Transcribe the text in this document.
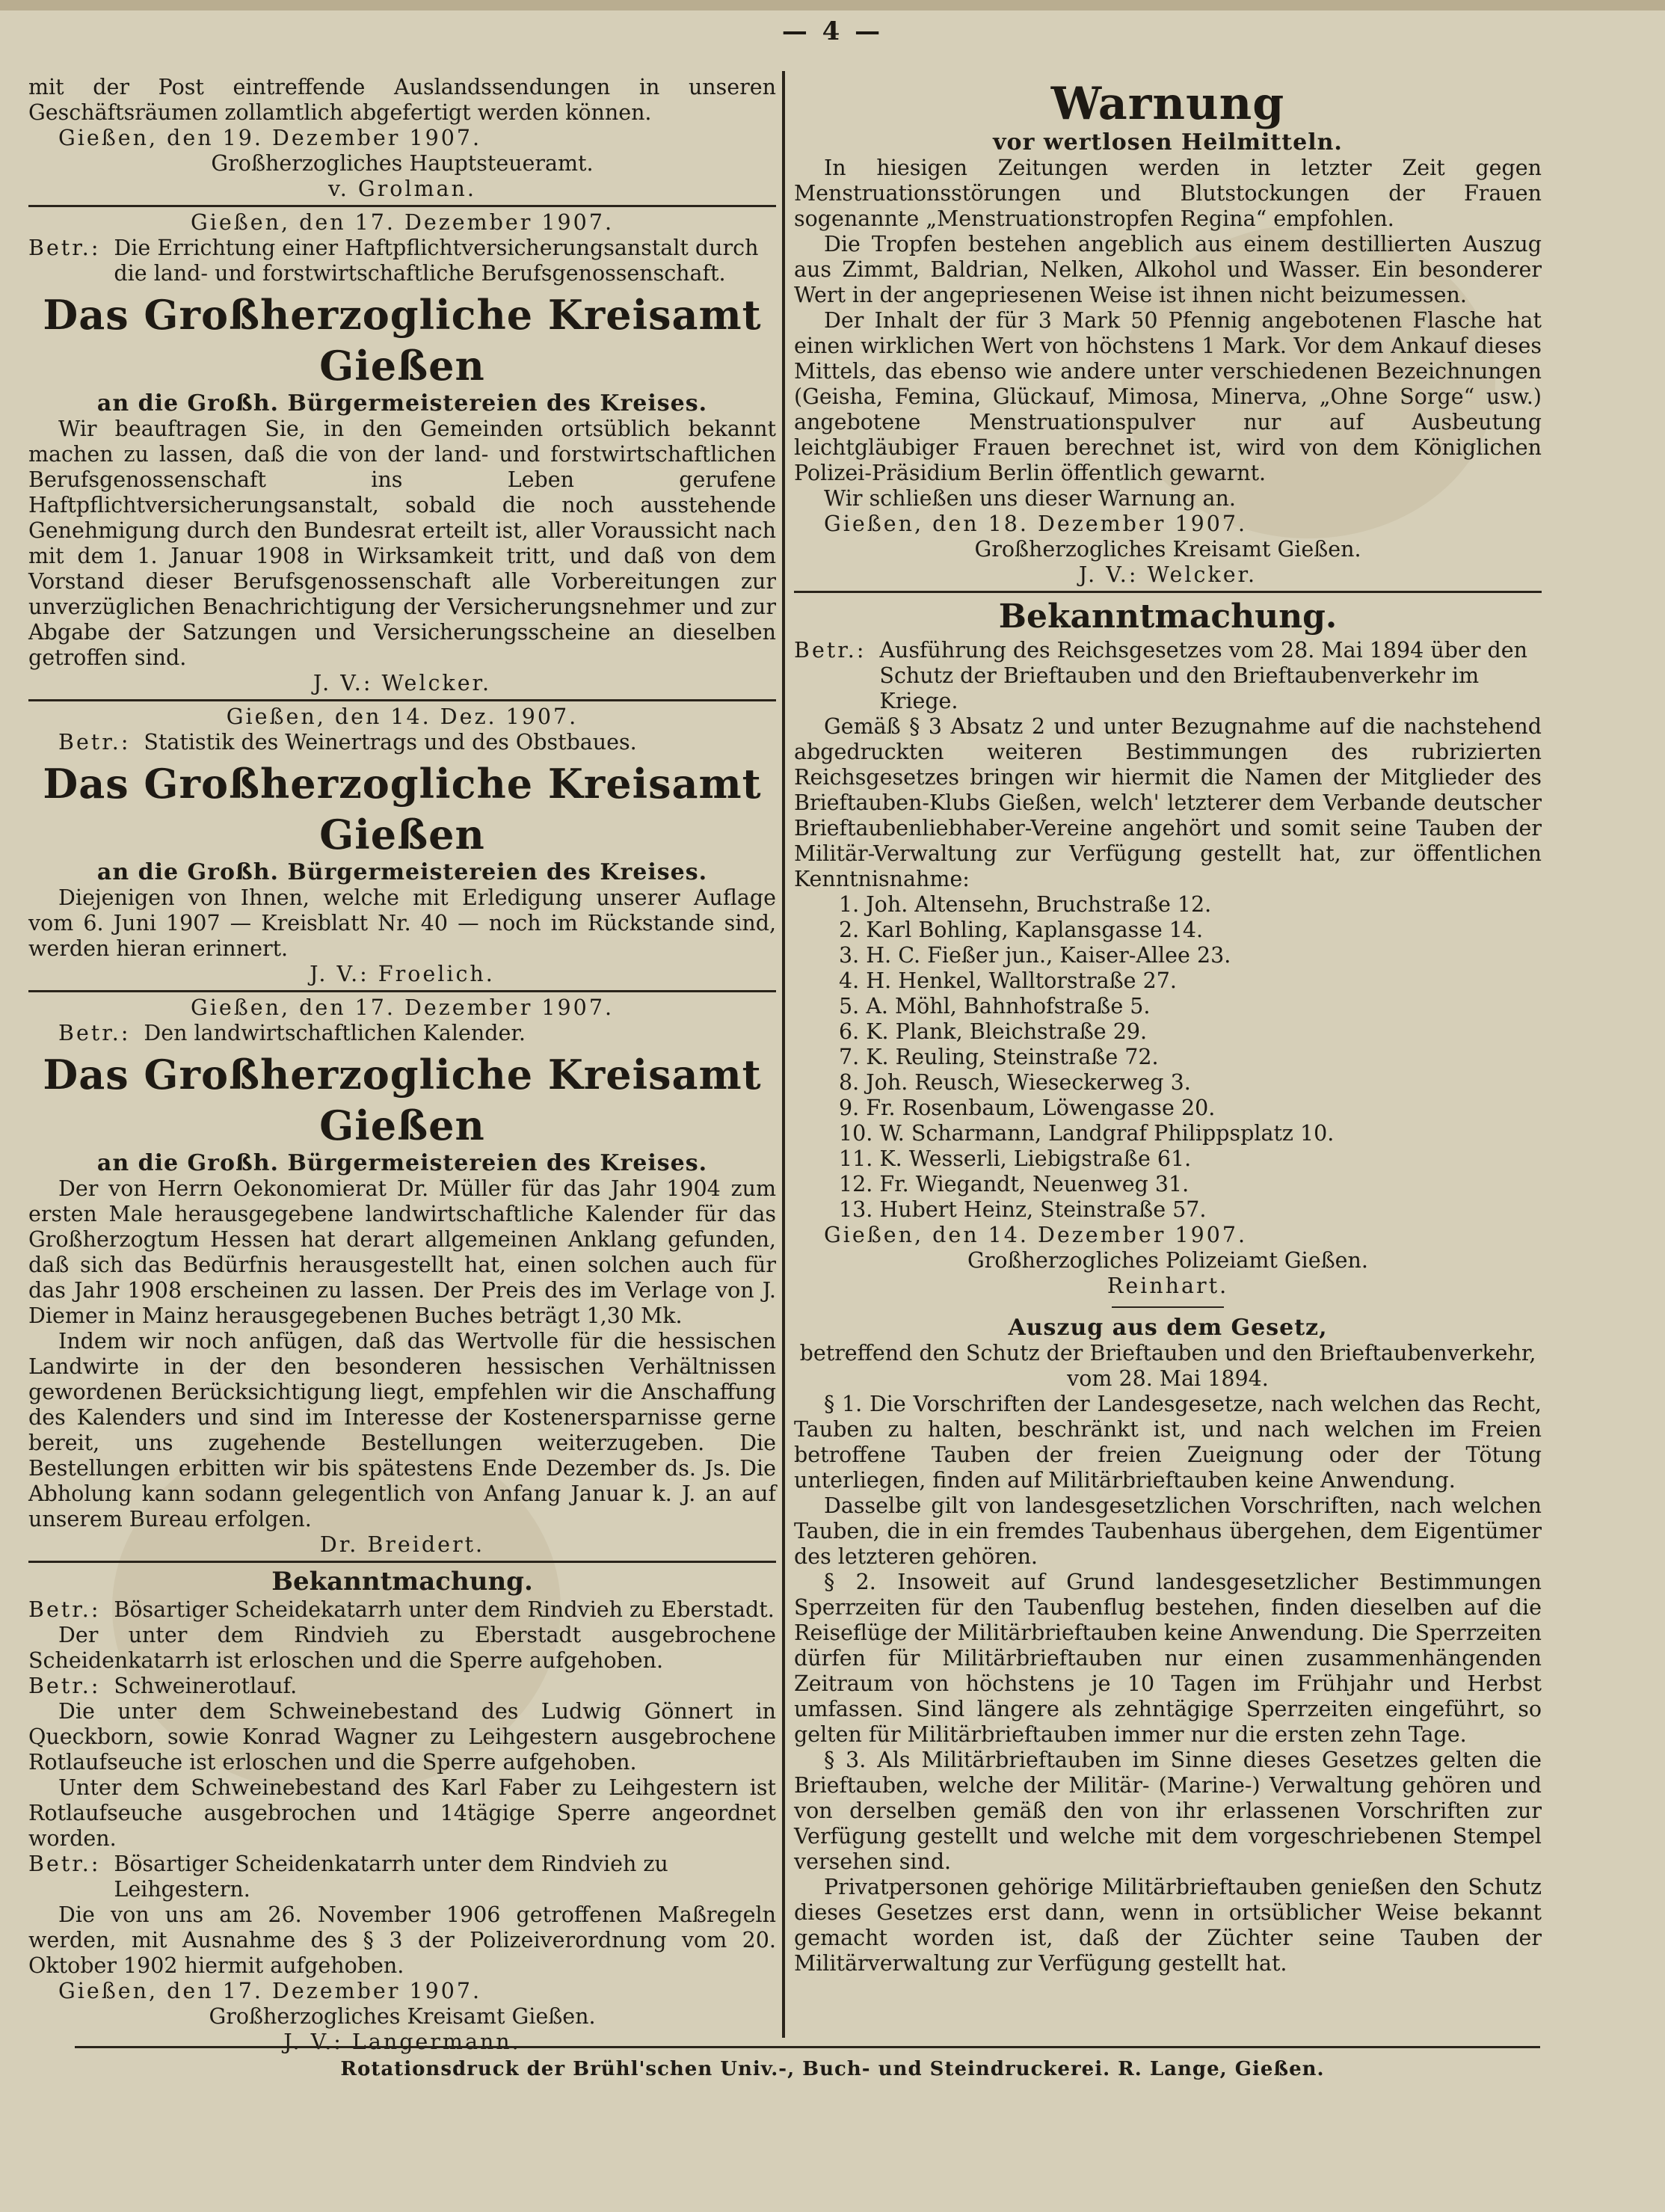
— 4 —

mit der Post eintreffende Auslandssendungen in unseren Geschäftsräumen zollamtlich abgefertigt werden können.

Gießen, den 19. Dezember 1907.

Großherzogliches Hauptsteueramt.

v. Grolman.

Gießen, den 17. Dezember 1907.

Betr.: Die Errichtung einer Haftpflichtversicherungsanstalt durch die land- und forstwirtschaftliche Berufsgenossenschaft.
Das Großherzogliche Kreisamt Gießen
an die Großh. Bürgermeistereien des Kreises.

Wir beauftragen Sie, in den Gemeinden ortsüblich bekannt machen zu lassen, daß die von der land- und forstwirtschaftlichen Berufsgenossenschaft ins Leben gerufene Haftpflichtversicherungsanstalt, sobald die noch ausstehende Genehmigung durch den Bundesrat erteilt ist, aller Voraussicht nach mit dem 1. Januar 1908 in Wirksamkeit tritt, und daß von dem Vorstand dieser Berufsgenossenschaft alle Vorbereitungen zur unverzüglichen Benachrichtigung der Versicherungsnehmer und zur Abgabe der Satzungen und Versicherungsscheine an dieselben getroffen sind.

J. V.: Welcker.

Gießen, den 14. Dez. 1907.

Betr.: Statistik des Weinertrags und des Obstbaues.
Das Großherzogliche Kreisamt Gießen
an die Großh. Bürgermeistereien des Kreises.

Diejenigen von Ihnen, welche mit Erledigung unserer Auflage vom 6. Juni 1907 — Kreisblatt Nr. 40 — noch im Rückstande sind, werden hieran erinnert.

J. V.: Froelich.

Gießen, den 17. Dezember 1907.

Betr.: Den landwirtschaftlichen Kalender.
Das Großherzogliche Kreisamt Gießen
an die Großh. Bürgermeistereien des Kreises.

Der von Herrn Oekonomierat Dr. Müller für das Jahr 1904 zum ersten Male herausgegebene landwirtschaftliche Kalender für das Großherzogtum Hessen hat derart allgemeinen Anklang gefunden, daß sich das Bedürfnis herausgestellt hat, einen solchen auch für das Jahr 1908 erscheinen zu lassen. Der Preis des im Verlage von J. Diemer in Mainz herausgegebenen Buches beträgt 1,30 Mk.

Indem wir noch anfügen, daß das Wertvolle für die hessischen Landwirte in der den besonderen hessischen Verhältnissen gewordenen Berücksichtigung liegt, empfehlen wir die Anschaffung des Kalenders und sind im Interesse der Kostenersparnisse gerne bereit, uns zugehende Bestellungen weiterzugeben. Die Bestellungen erbitten wir bis spätestens Ende Dezember ds. Js. Die Abholung kann sodann gelegentlich von Anfang Januar k. J. an auf unserem Bureau erfolgen.

Dr. Breidert.

Bekanntmachung.
Betr.: Bösartiger Scheidekatarrh unter dem Rindvieh zu Eberstadt.

Der unter dem Rindvieh zu Eberstadt ausgebrochene Scheidenkatarrh ist erloschen und die Sperre aufgehoben.

Betr.: Schweinerotlauf.

Die unter dem Schweinebestand des Ludwig Gönnert in Queckborn, sowie Konrad Wagner zu Leihgestern ausgebrochene Rotlaufseuche ist erloschen und die Sperre aufgehoben.

Unter dem Schweinebestand des Karl Faber zu Leihgestern ist Rotlaufseuche ausgebrochen und 14tägige Sperre angeordnet worden.

Betr.: Bösartiger Scheidenkatarrh unter dem Rindvieh zu Leihgestern.

Die von uns am 26. November 1906 getroffenen Maßregeln werden, mit Ausnahme des § 3 der Polizeiverordnung vom 20. Oktober 1902 hiermit aufgehoben.

Gießen, den 17. Dezember 1907.

Großherzogliches Kreisamt Gießen.

J. V.: Langermann.

Warnung
vor wertlosen Heilmitteln.

In hiesigen Zeitungen werden in letzter Zeit gegen Menstruationsstörungen und Blutstockungen der Frauen sogenannte „Menstruationstropfen Regina“ empfohlen.

Die Tropfen bestehen angeblich aus einem destillierten Auszug aus Zimmt, Baldrian, Nelken, Alkohol und Wasser. Ein besonderer Wert in der angepriesenen Weise ist ihnen nicht beizumessen.

Der Inhalt der für 3 Mark 50 Pfennig angebotenen Flasche hat einen wirklichen Wert von höchstens 1 Mark. Vor dem Ankauf dieses Mittels, das ebenso wie andere unter verschiedenen Bezeichnungen (Geisha, Femina, Glückauf, Mimosa, Minerva, „Ohne Sorge“ usw.) angebotene Menstruationspulver nur auf Ausbeutung leichtgläubiger Frauen berechnet ist, wird von dem Königlichen Polizei-Präsidium Berlin öffentlich gewarnt.

Wir schließen uns dieser Warnung an.

Gießen, den 18. Dezember 1907.

Großherzogliches Kreisamt Gießen.

J. V.: Welcker.

Bekanntmachung.
Betr.: Ausführung des Reichsgesetzes vom 28. Mai 1894 über den Schutz der Brieftauben und den Brieftaubenverkehr im Kriege.

Gemäß § 3 Absatz 2 und unter Bezugnahme auf die nachstehend abgedruckten weiteren Bestimmungen des rubrizierten Reichsgesetzes bringen wir hiermit die Namen der Mitglieder des Brieftauben-Klubs Gießen, welch' letzterer dem Verbande deutscher Brieftaubenliebhaber-Vereine angehört und somit seine Tauben der Militär-Verwaltung zur Verfügung gestellt hat, zur öffentlichen Kenntnisnahme:

1. Joh. Altensehn, Bruchstraße 12.
2. Karl Bohling, Kaplansgasse 14.
3. H. C. Fießer jun., Kaiser-Allee 23.
4. H. Henkel, Walltorstraße 27.
5. A. Möhl, Bahnhofstraße 5.
6. K. Plank, Bleichstraße 29.
7. K. Reuling, Steinstraße 72.
8. Joh. Reusch, Wieseckerweg 3.
9. Fr. Rosenbaum, Löwengasse 20.
10. W. Scharmann, Landgraf Philippsplatz 10.
11. K. Wesserli, Liebigstraße 61.
12. Fr. Wiegandt, Neuenweg 31.
13. Hubert Heinz, Steinstraße 57.

Gießen, den 14. Dezember 1907.

Großherzogliches Polizeiamt Gießen.

Reinhart.

Auszug aus dem Gesetz,

betreffend den Schutz der Brieftauben und den Brieftaubenverkehr, vom 28. Mai 1894.

§ 1. Die Vorschriften der Landesgesetze, nach welchen das Recht, Tauben zu halten, beschränkt ist, und nach welchen im Freien betroffene Tauben der freien Zueignung oder der Tötung unterliegen, finden auf Militärbrieftauben keine Anwendung.

Dasselbe gilt von landesgesetzlichen Vorschriften, nach welchen Tauben, die in ein fremdes Taubenhaus übergehen, dem Eigentümer des letzteren gehören.

§ 2. Insoweit auf Grund landesgesetzlicher Bestimmungen Sperrzeiten für den Taubenflug bestehen, finden dieselben auf die Reiseflüge der Militärbrieftauben keine Anwendung. Die Sperrzeiten dürfen für Militärbrieftauben nur einen zusammenhängenden Zeitraum von höchstens je 10 Tagen im Frühjahr und Herbst umfassen. Sind längere als zehntägige Sperrzeiten eingeführt, so gelten für Militärbrieftauben immer nur die ersten zehn Tage.

§ 3. Als Militärbrieftauben im Sinne dieses Gesetzes gelten die Brieftauben, welche der Militär- (Marine-) Verwaltung gehören und von derselben gemäß den von ihr erlassenen Vorschriften zur Verfügung gestellt und welche mit dem vorgeschriebenen Stempel versehen sind.

Privatpersonen gehörige Militärbrieftauben genießen den Schutz dieses Gesetzes erst dann, wenn in ortsüblicher Weise bekannt gemacht worden ist, daß der Züchter seine Tauben der Militärverwaltung zur Verfügung gestellt hat.

Rotationsdruck der Brühl'schen Univ.-, Buch- und Steindruckerei. R. Lange, Gießen.
